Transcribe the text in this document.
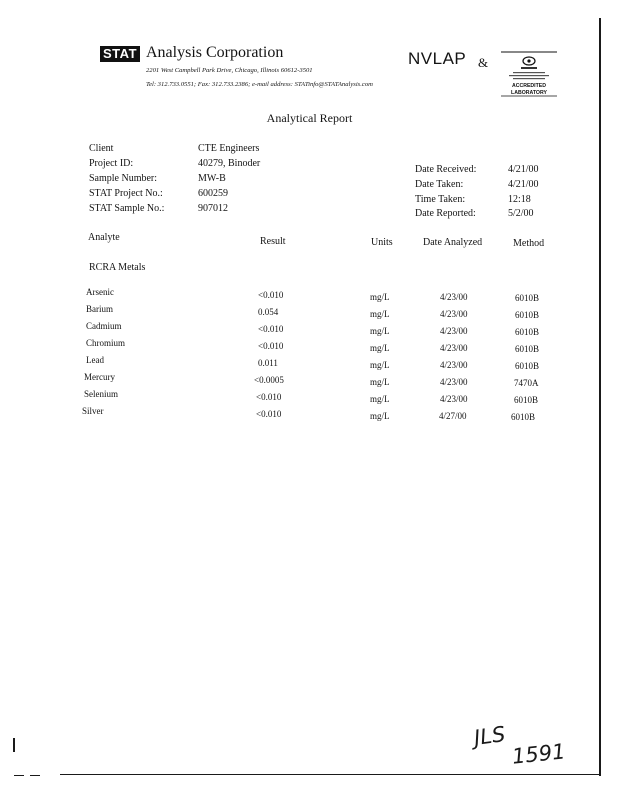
STAT Analysis Corporation
2201 West Campbell Park Drive, Chicago, Illinois 60612-3501
Tel: 312.733.0551; Fax: 312.733.2386; e-mail address: STATinfo@STATAnalysis.com
NVLAP &
ACCREDITED
LABORATORY
Analytical Report
Client	CTE Engineers
Project ID:	40279, Binoder
Sample Number:	MW-B
STAT Project No.:	600259
STAT Sample No.:	907012
Date Received:	4/21/00
Date Taken:	4/21/00
Time Taken:	12:18
Date Reported:	5/2/00
Analyte	Result	Units	Date Analyzed	Method
RCRA Metals
Arsenic	<0.010	mg/L	4/23/00	6010B
Barium	0.054	mg/L	4/23/00	6010B
Cadmium	<0.010	mg/L	4/23/00	6010B
Chromium	<0.010	mg/L	4/23/00	6010B
Lead	0.011	mg/L	4/23/00	6010B
Mercury	<0.0005	mg/L	4/23/00	7470A
Selenium	<0.010	mg/L	4/23/00	6010B
Silver	<0.010	mg/L	4/27/00	6010B
JLS
1591
